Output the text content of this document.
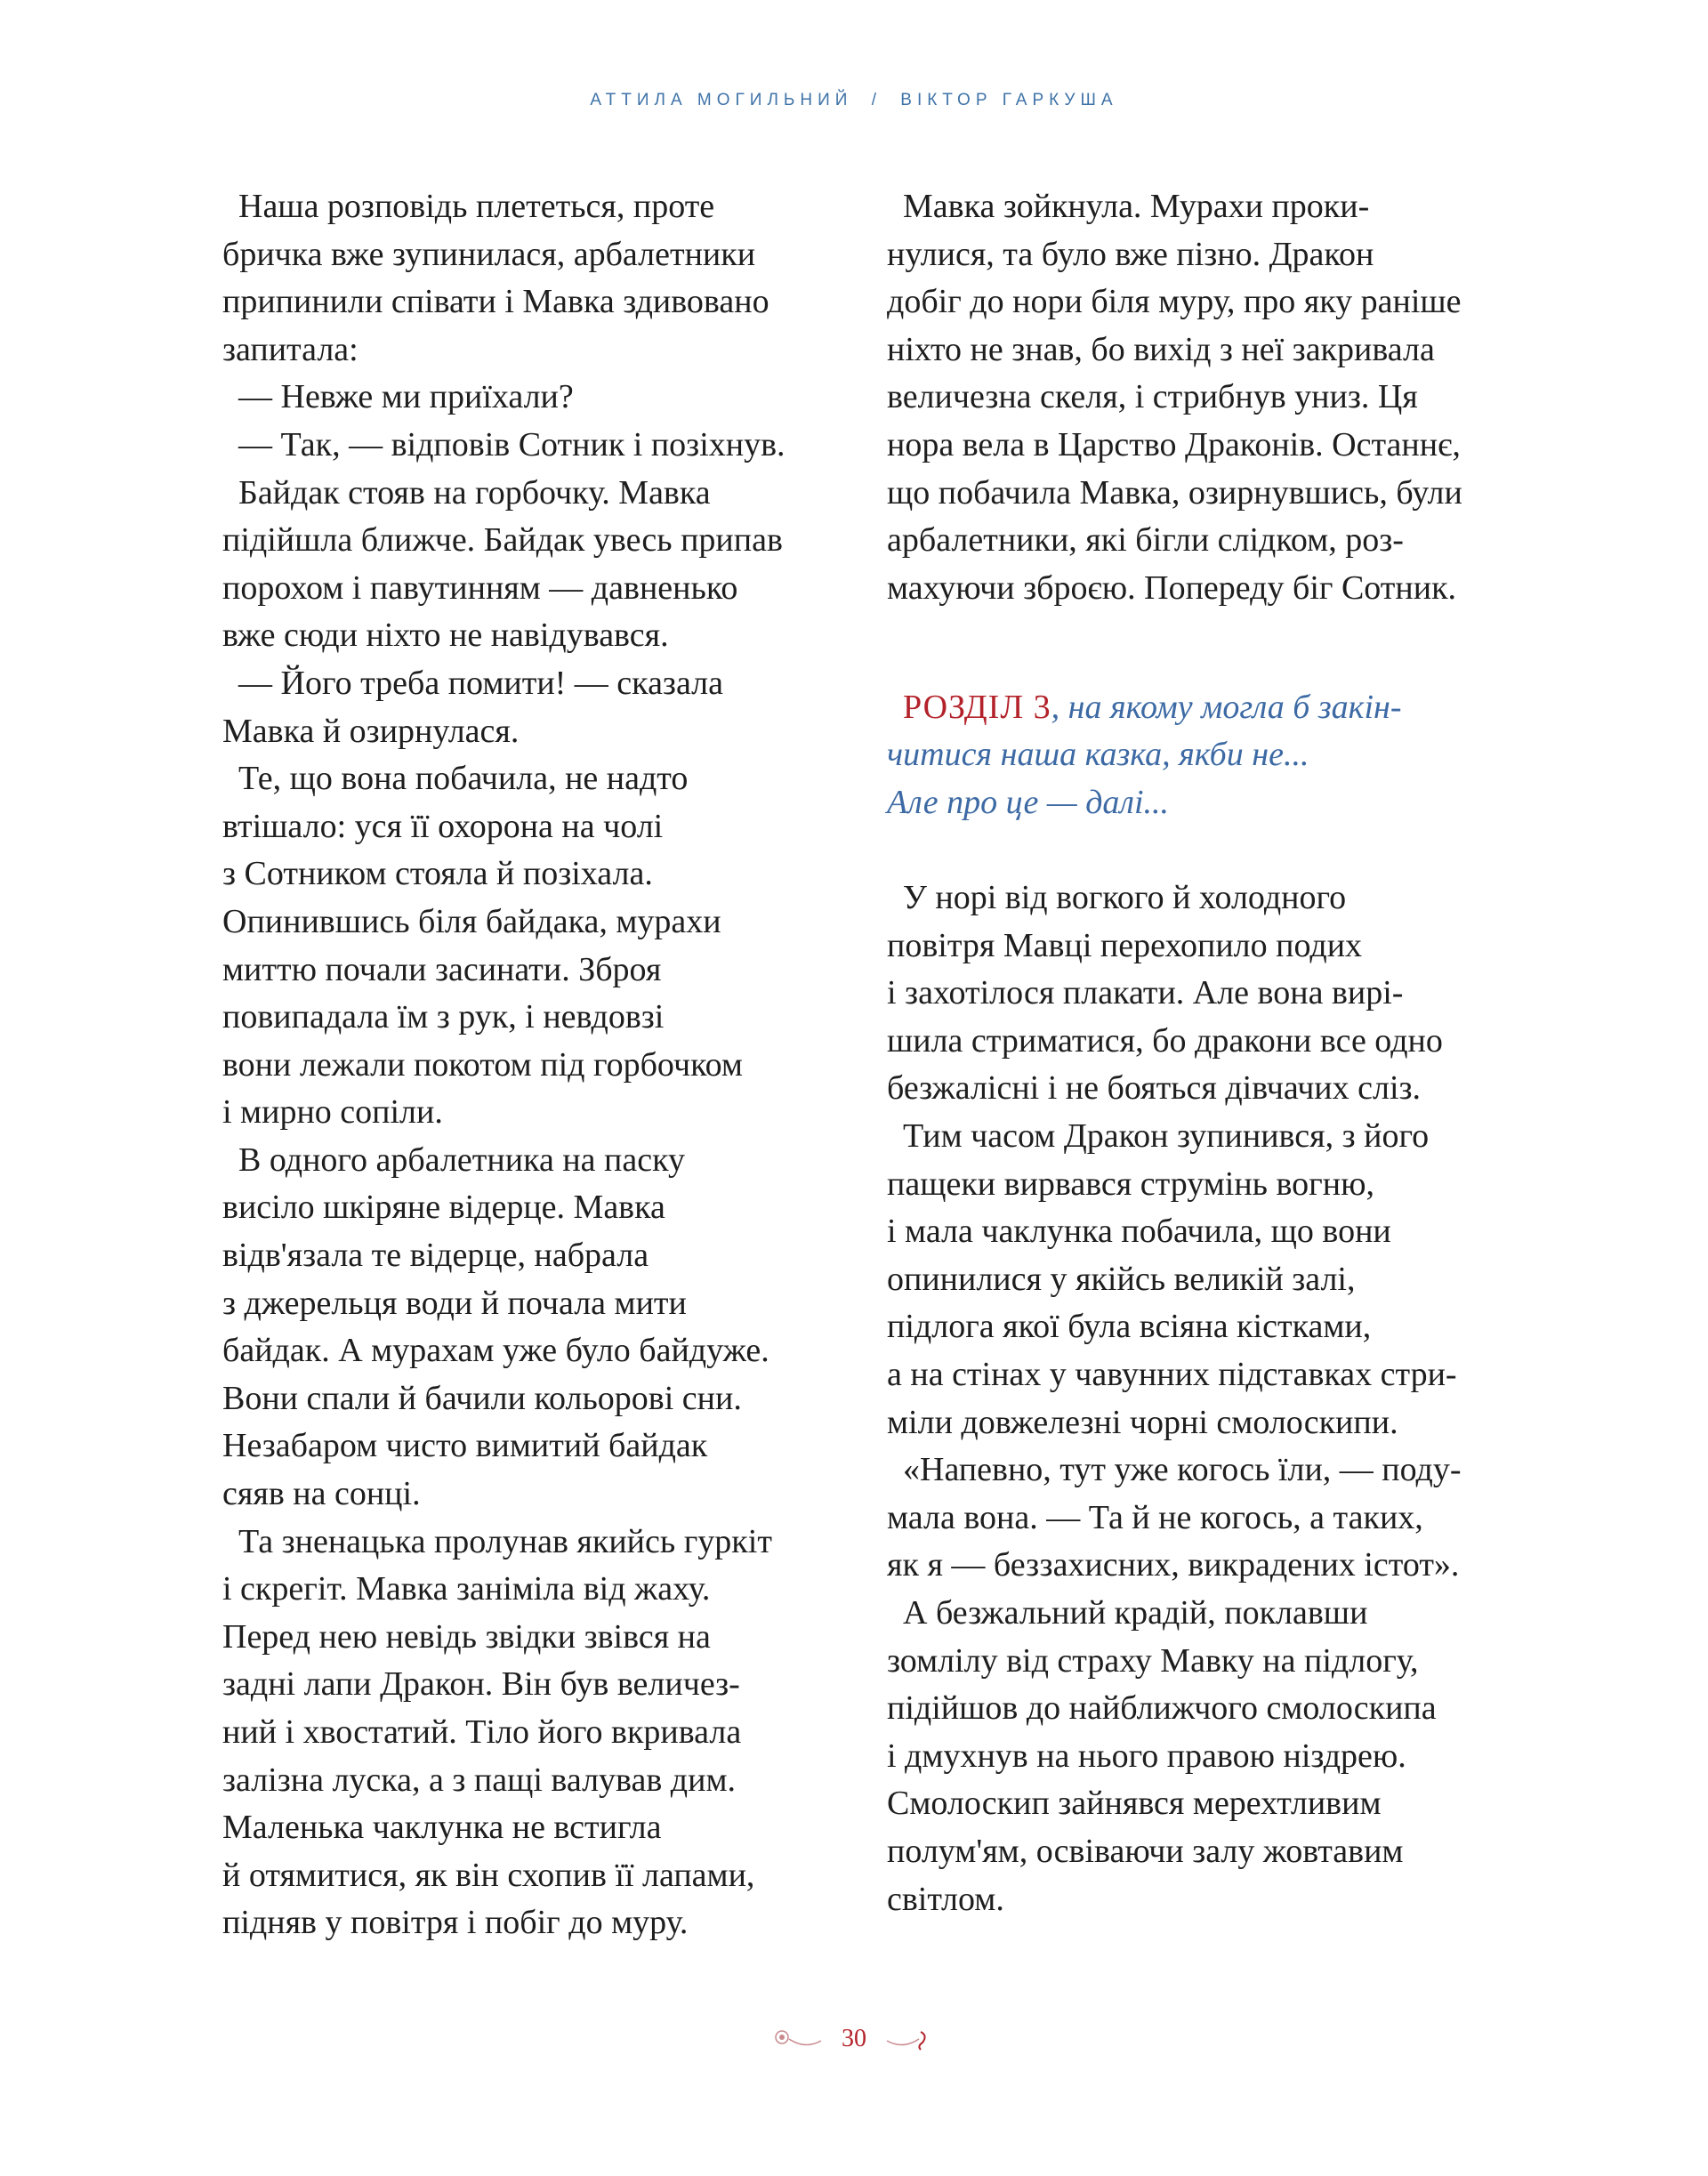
АТТИЛА МОГИЛЬНИЙ / ВІКТОР ГАРКУША
Наша розповідь плететься, проте
бричка вже зупинилася, арбалетники
припинили співати і Мавка здивовано
запитала:
— Невже ми приїхали?
— Так, — відповів Сотник і позіхнув.
Байдак стояв на горбочку. Мавка
підійшла ближче. Байдак увесь припав
порохом і павутинням — давненько
вже сюди ніхто не навідувався.
— Його треба помити! — сказала
Мавка й озирнулася.
Те, що вона побачила, не надто
втішало: уся її охорона на чолі
з Сотником стояла й позіхала.
Опинившись біля байдака, мурахи
миттю почали засинати. Зброя
повипадала їм з рук, і невдовзі
вони лежали покотом під горбочком
і мирно сопіли.
В одного арбалетника на паску
висіло шкіряне відерце. Мавка
відв'язала те відерце, набрала
з джерельця води й почала мити
байдак. А мурахам уже було байдуже.
Вони спали й бачили кольорові сни.
Незабаром чисто вимитий байдак
сяяв на сонці.
Та зненацька пролунав якийсь гуркіт
і скрегіт. Мавка заніміла від жаху.
Перед нею невідь звідки звівся на
задні лапи Дракон. Він був величез-
ний і хвостатий. Тіло його вкривала
залізна луска, а з пащі валував дим.
Маленька чаклунка не встигла
й отямитися, як він схопив її лапами,
підняв у повітря і побіг до муру.
Мавка зойкнула. Мурахи проки-
нулися, та було вже пізно. Дракон
добіг до нори біля муру, про яку раніше
ніхто не знав, бо вихід з неї закривала
величезна скеля, і стрибнув униз. Ця
нора вела в Царство Драконів. Останнє,
що побачила Мавка, озирнувшись, були
арбалетники, які бігли слідком, роз-
махуючи зброєю. Попереду біг Сотник.
РОЗДІЛ 3, на якому могла б закін-
читися наша казка, якби не...
Але про це — далі...
У норі від вогкого й холодного
повітря Мавці перехопило подих
і захотілося плакати. Але вона вирі-
шила стриматися, бо дракони все одно
безжалісні і не бояться дівчачих сліз.
Тим часом Дракон зупинився, з його
пащеки вирвався струмінь вогню,
і мала чаклунка побачила, що вони
опинилися у якійсь великій залі,
підлога якої була всіяна кістками,
а на стінах у чавунних підставках стри-
міли довжелезні чорні смолоскипи.
«Напевно, тут уже когось їли, — поду-
мала вона. — Та й не когось, а таких,
як я — беззахисних, викрадених істот».
А безжальний крадій, поклавши
зомлілу від страху Мавку на підлогу,
підійшов до найближчого смолоскипа
і дмухнув на нього правою ніздрею.
Смолоскип зайнявся мерехтливим
полум'ям, освіваючи залу жовтавим
світлом.
30
